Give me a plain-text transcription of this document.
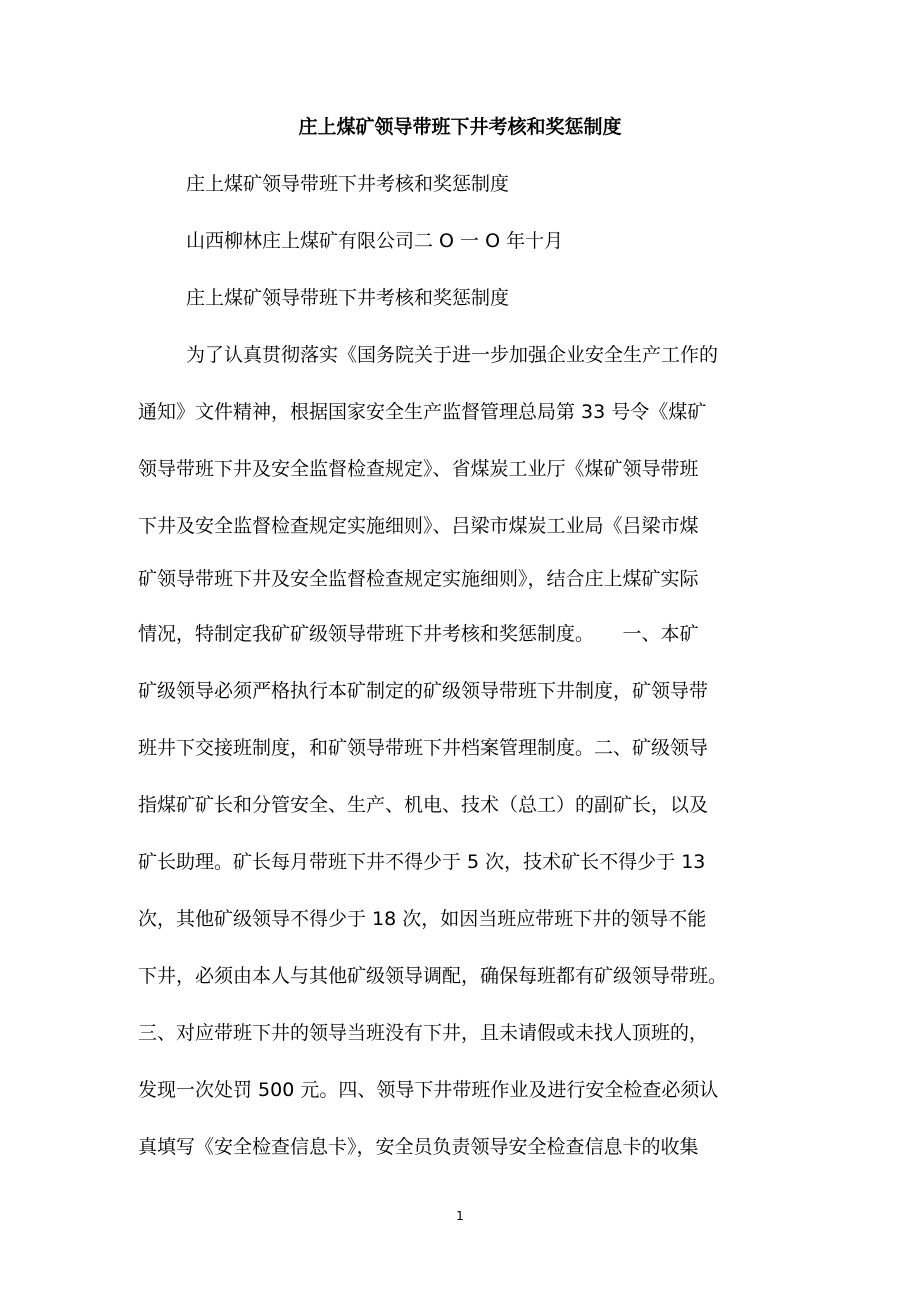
庄上煤矿领导带班下井考核和奖惩制度
庄上煤矿领导带班下井考核和奖惩制度
山西柳林庄上煤矿有限公司二 O 一 O 年十月
庄上煤矿领导带班下井考核和奖惩制度
为了认真贯彻落实《国务院关于进一步加强企业安全生产工作的
通知》文件精神，根据国家安全生产监督管理总局第 33 号令《煤矿
领导带班下井及安全监督检查规定》、省煤炭工业厅《煤矿领导带班
下井及安全监督检查规定实施细则》、吕梁市煤炭工业局《吕梁市煤
矿领导带班下井及安全监督检查规定实施细则》，结合庄上煤矿实际
情况，特制定我矿矿级领导带班下井考核和奖惩制度。　　一、本矿
矿级领导必须严格执行本矿制定的矿级领导带班下井制度，矿领导带
班井下交接班制度，和矿领导带班下井档案管理制度。二、矿级领导
指煤矿矿长和分管安全、生产、机电、技术（总工）的副矿长，以及
矿长助理。矿长每月带班下井不得少于 5 次，技术矿长不得少于 13
次，其他矿级领导不得少于 18 次，如因当班应带班下井的领导不能
下井，必须由本人与其他矿级领导调配，确保每班都有矿级领导带班。
三、对应带班下井的领导当班没有下井，且未请假或未找人顶班的，
发现一次处罚 500 元。四、领导下井带班作业及进行安全检查必须认
真填写《安全检查信息卡》，安全员负责领导安全检查信息卡的收集
1
